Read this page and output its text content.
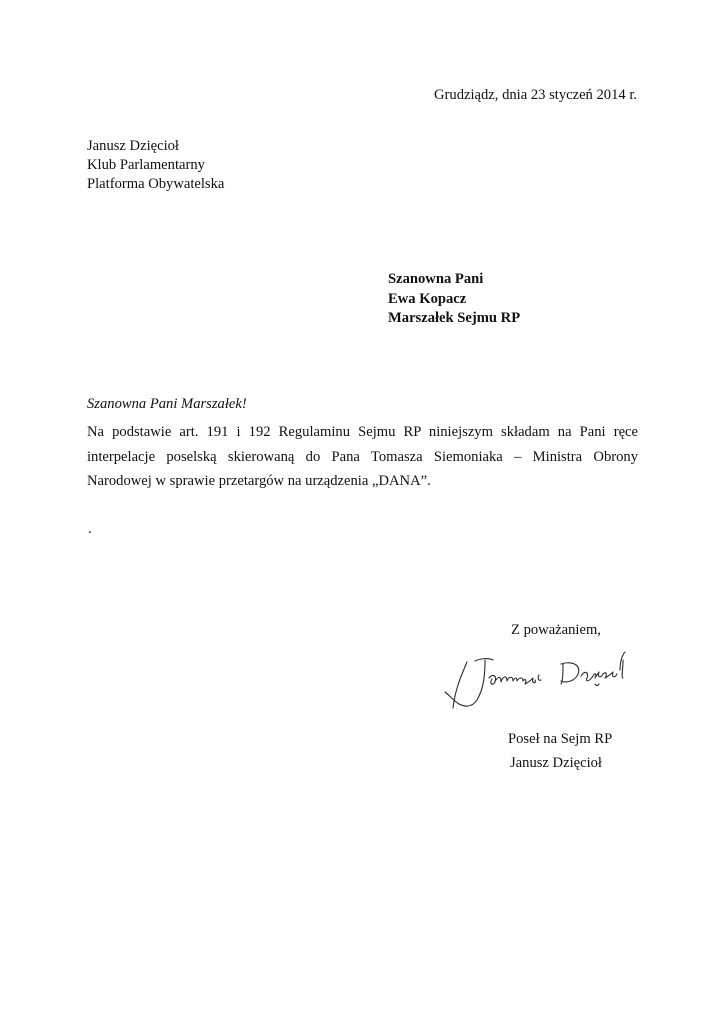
Grudziądz, dnia 23 styczeń 2014 r.
Janusz Dzięcioł
Klub Parlamentarny
Platforma Obywatelska
Szanowna Pani
Ewa Kopacz
Marszałek Sejmu RP
Szanowna Pani Marszałek!
Na podstawie art. 191 i 192 Regulaminu Sejmu RP niniejszym składam na Pani ręce
interpelacje poselską skierowaną do Pana Tomasza Siemoniaka – Ministra Obrony
Narodowej w sprawie przetargów na urządzenia „DANA”.
.
Z poważaniem,
Poseł na Sejm RP
Janusz Dzięcioł
